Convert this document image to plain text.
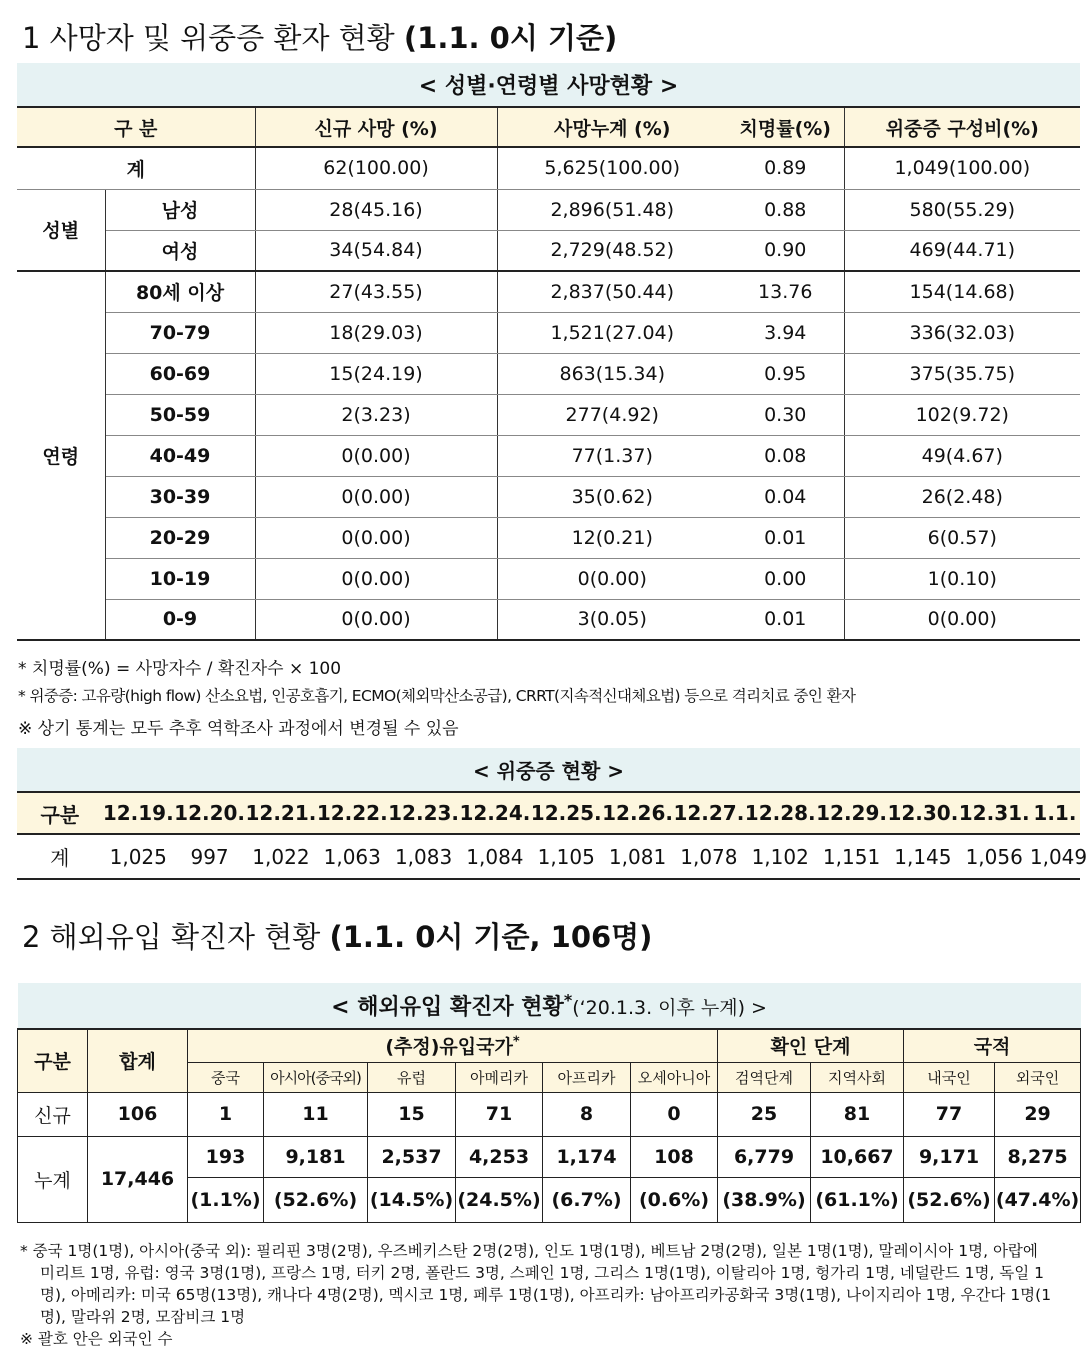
1 사망자 및 위중증 환자 현황 (1.1. 0시 기준)
< 성별·연령별 사망현황 >					
구 분		신규 사망 (%)	사망누계 (%)	치명률(%)	위중증 구성비(%)
계		62(100.00)	5,625(100.00)	0.89	1,049(100.00)
성별	남성	28(45.16)	2,896(51.48)	0.88	580(55.29)
	여성	34(54.84)	2,729(48.52)	0.90	469(44.71)
연령	80세 이상	27(43.55)	2,837(50.44)	13.76	154(14.68)
	70-79	18(29.03)	1,521(27.04)	3.94	336(32.03)
	60-69	15(24.19)	863(15.34)	0.95	375(35.75)
	50-59	2(3.23)	277(4.92)	0.30	102(9.72)
	40-49	0(0.00)	77(1.37)	0.08	49(4.67)
	30-39	0(0.00)	35(0.62)	0.04	26(2.48)
	20-29	0(0.00)	12(0.21)	0.01	6(0.57)
	10-19	0(0.00)	0(0.00)	0.00	1(0.10)
	0-9	0(0.00)	3(0.05)	0.01	0(0.00)
* 치명률(%) = 사망자수 / 확진자수 × 100
* 위중증: 고유량(high flow) 산소요법, 인공호흡기, ECMO(체외막산소공급), CRRT(지속적신대체요법) 등으로 격리치료 중인 환자
※ 상기 통계는 모두 추후 역학조사 과정에서 변경될 수 있음
< 위중증 현황 >														
구분	12.19.	12.20.	12.21.	12.22.	12.23.	12.24.	12.25.	12.26.	12.27.	12.28.	12.29.	12.30.	12.31.	1.1.
계	1,025	997	1,022	1,063	1,083	1,084	1,105	1,081	1,078	1,102	1,151	1,145	1,056	1,049
2 해외유입 확진자 현황 (1.1. 0시 기준, 106명)
< 해외유입 확진자 현황*(‘20.1.3. 이후 누계) >											
구분	합계	(추정)유입국가*						확인 단계		국적	
		중국	아시아(중국외)	유럽	아메리카	아프리카	오세아니아	검역단계	지역사회	내국인	외국인
신규	106	1	11	15	71	8	0	25	81	77	29
누계	17,446	193	9,181	2,537	4,253	1,174	108	6,779	10,667	9,171	8,275
		(1.1%)	(52.6%)	(14.5%)	(24.5%)	(6.7%)	(0.6%)	(38.9%)	(61.1%)	(52.6%)	(47.4%)
* 중국 1명(1명), 아시아(중국 외): 필리핀 3명(2명), 우즈베키스탄 2명(2명), 인도 1명(1명), 베트남 2명(2명), 일본 1명(1명), 말레이시아 1명, 아랍에
미리트 1명, 유럽: 영국 3명(1명), 프랑스 1명, 터키 2명, 폴란드 3명, 스페인 1명, 그리스 1명(1명), 이탈리아 1명, 헝가리 1명, 네덜란드 1명, 독일 1
명), 아메리카: 미국 65명(13명), 캐나다 4명(2명), 멕시코 1명, 페루 1명(1명), 아프리카: 남아프리카공화국 3명(1명), 나이지리아 1명, 우간다 1명(1
명), 말라위 2명, 모잠비크 1명
※ 괄호 안은 외국인 수
